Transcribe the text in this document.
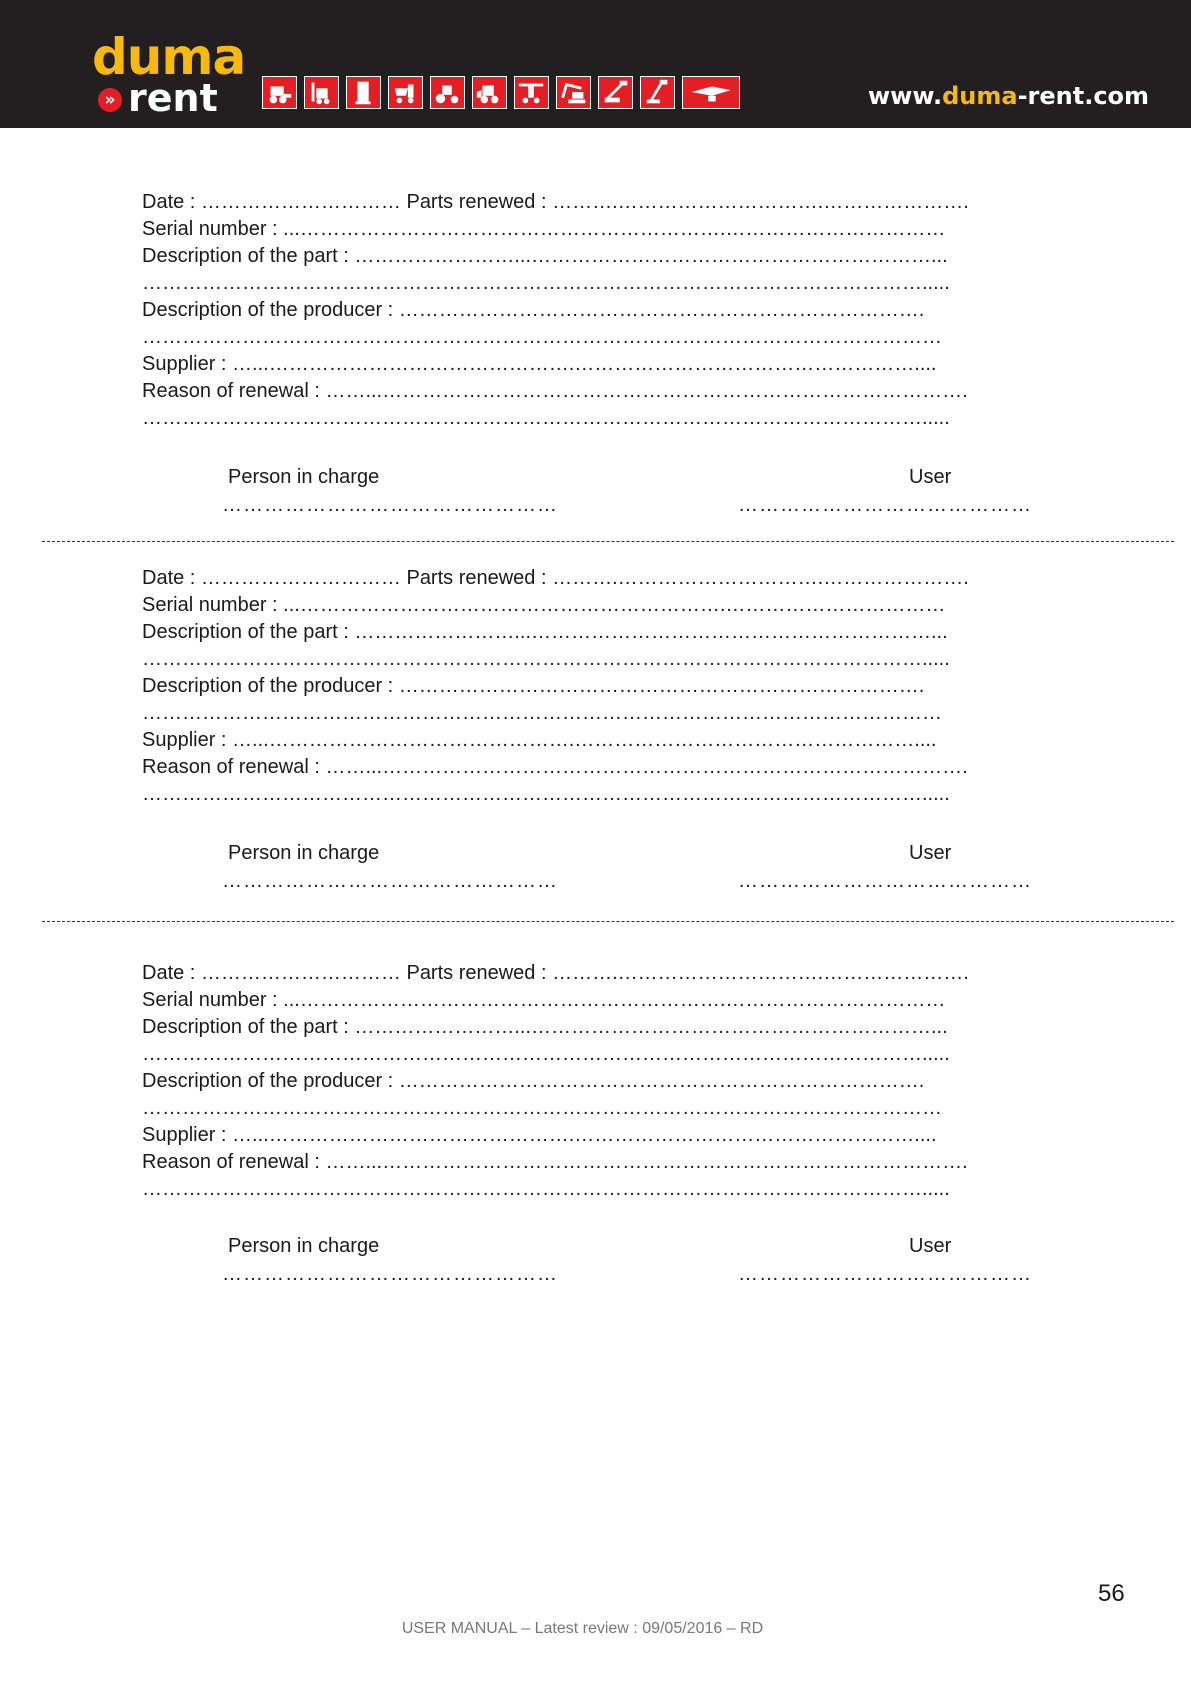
duma
» rent	www.duma-rent.com
Date : ………………………… Parts renewed : ……….………………………….………………….
Serial number : ...……………………………………………………….……………………………
Description of the part : ……………………...……………………………………………………...
……………………………………………………………………………………………………….....
Description of the producer : …………………………………………………………………….
…………………………………………………………………………………………………………
Supplier : …...……………………………………….……………………………………………....
Reason of renewal : ……...…………………………………………………………………………….
……………………………………………………………………………………………………….....
Person in charge
…………………………………………
User
……………………………………
Date : ………………………… Parts renewed : ……….………………………….………………….
Serial number : ...……………………………………………………….……………………………
Description of the part : ……………………...……………………………………………………...
……………………………………………………………………………………………………….....
Description of the producer : …………………………………………………………………….
…………………………………………………………………………………………………………
Supplier : …...……………………………………….……………………………………………....
Reason of renewal : ……...…………………………………………………………………………….
……………………………………………………………………………………………………….....
Person in charge
…………………………………………
User
……………………………………
Date : ………………………… Parts renewed : ……….………………………….………………….
Serial number : ...……………………………………………………….……………………………
Description of the part : ……………………...……………………………………………………...
……………………………………………………………………………………………………….....
Description of the producer : …………………………………………………………………….
…………………………………………………………………………………………………………
Supplier : …...……………………………………….……………………………………………....
Reason of renewal : ……...…………………………………………………………………………….
……………………………………………………………………………………………………….....
Person in charge
…………………………………………
User
……………………………………
56
USER MANUAL – Latest review : 09/05/2016 – RD
